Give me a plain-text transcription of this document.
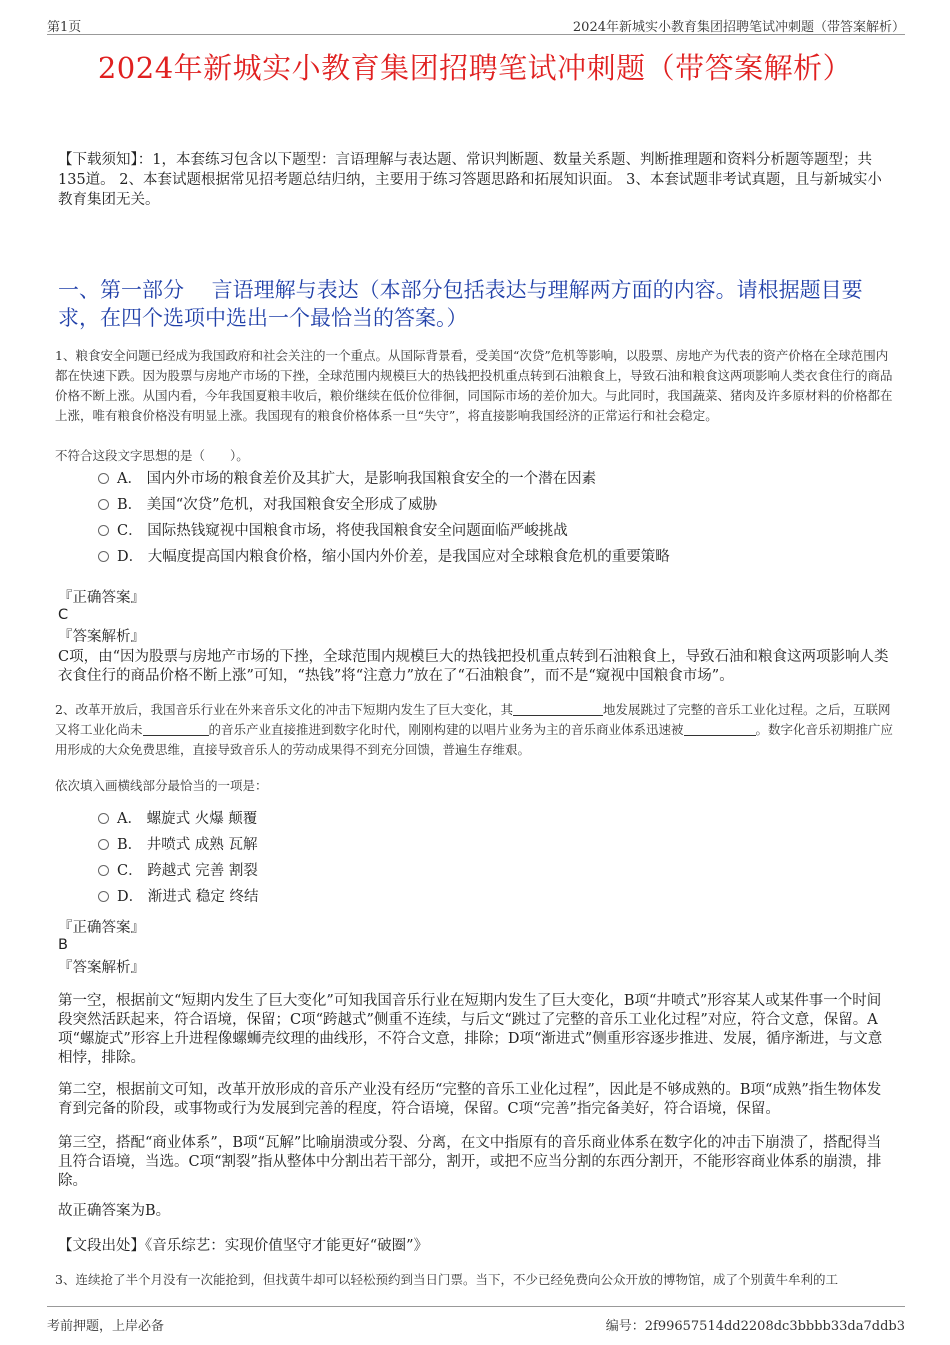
第1页	2024年新城实小教育集团招聘笔试冲刺题（带答案解析）
2024年新城实小教育集团招聘笔试冲刺题（带答案解析）
【下载须知】：1，本套练习包含以下题型：言语理解与表达题、常识判断题、数量关系题、判断推理题和资料分析题等题型；共135道。 2、本套试题根据常见招考题总结归纳，主要用于练习答题思路和拓展知识面。 3、本套试题非考试真题，且与新城实小教育集团无关。
一、第一部分　 言语理解与表达（本部分包括表达与理解两方面的内容。请根据题目要求，在四个选项中选出一个最恰当的答案。）
1、粮食安全问题已经成为我国政府和社会关注的一个重点。从国际背景看，受美国“次贷”危机等影响，以股票、房地产为代表的资产价格在全球范围内都在快速下跌。因为股票与房地产市场的下挫，全球范围内规模巨大的热钱把投机重点转到石油粮食上，导致石油和粮食这两项影响人类衣食住行的商品价格不断上涨。从国内看，今年我国夏粮丰收后，粮价继续在低价位徘徊，同国际市场的差价加大。与此同时，我国蔬菜、猪肉及许多原材料的价格都在上涨，唯有粮食价格没有明显上涨。我国现有的粮食价格体系一旦“失守”，将直接影响我国经济的正常运行和社会稳定。
不符合这段文字思想的是（　　）。
A． 国内外市场的粮食差价及其扩大，是影响我国粮食安全的一个潜在因素
B． 美国“次贷”危机，对我国粮食安全形成了威胁
C． 国际热钱窥视中国粮食市场，将使我国粮食安全问题面临严峻挑战
D． 大幅度提高国内粮食价格，缩小国内外价差，是我国应对全球粮食危机的重要策略
『正确答案』
C
『答案解析』
C项，由“因为股票与房地产市场的下挫，全球范围内规模巨大的热钱把投机重点转到石油粮食上，导致石油和粮食这两项影响人类衣食住行的商品价格不断上涨”可知，“热钱”将“注意力”放在了“石油粮食”，而不是“窥视中国粮食市场”。
2、改革开放后，我国音乐行业在外来音乐文化的冲击下短期内发生了巨大变化，其	地发展跳过了完整的音乐工业化过程。之后，互联网又将工业化尚未	的音乐产业直接推进到数字化时代，刚刚构建的以唱片业务为主的音乐商业体系迅速被	。数字化音乐初期推广应用形成的大众免费思维，直接导致音乐人的劳动成果得不到充分回馈，普遍生存维艰。
依次填入画横线部分最恰当的一项是：
A． 螺旋式 火爆 颠覆
B． 井喷式 成熟 瓦解
C． 跨越式 完善 割裂
D． 渐进式 稳定 终结
『正确答案』
B
『答案解析』
第一空，根据前文“短期内发生了巨大变化”可知我国音乐行业在短期内发生了巨大变化，B项“井喷式”形容某人或某件事一个时间段突然活跃起来，符合语境，保留；C项“跨越式”侧重不连续，与后文“跳过了完整的音乐工业化过程”对应，符合文意，保留。A项“螺旋式”形容上升进程像螺蛳壳纹理的曲线形，不符合文意，排除；D项“渐进式”侧重形容逐步推进、发展，循序渐进，与文意相悖，排除。
第二空，根据前文可知，改革开放形成的音乐产业没有经历“完整的音乐工业化过程”，因此是不够成熟的。B项“成熟”指生物体发育到完备的阶段，或事物或行为发展到完善的程度，符合语境，保留。C项“完善”指完备美好，符合语境，保留。
第三空，搭配“商业体系”，B项“瓦解”比喻崩溃或分裂、分离，在文中指原有的音乐商业体系在数字化的冲击下崩溃了，搭配得当且符合语境，当选。C项“割裂”指从整体中分割出若干部分，割开，或把不应当分割的东西分割开，不能形容商业体系的崩溃，排除。
故正确答案为B。
【文段出处】《音乐综艺：实现价值坚守才能更好“破圈”》
3、连续抢了半个月没有一次能抢到，但找黄牛却可以轻松预约到当日门票。当下，不少已经免费向公众开放的博物馆，成了个别黄牛牟利的工
考前押题，上岸必备	编号：2f99657514dd2208dc3bbbb33da7ddb3
